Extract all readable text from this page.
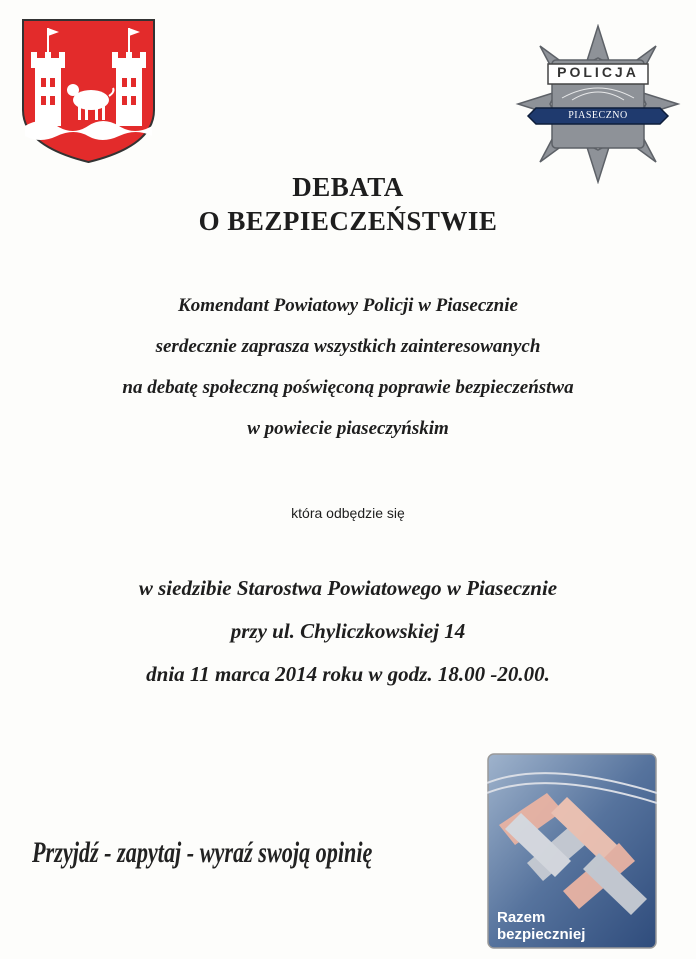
POLICJA
PIASECZNO
DEBATA
O BEZPIECZEŃSTWIE
Komendant Powiatowy Policji w Piasecznie
serdecznie zaprasza wszystkich zainteresowanych
na debatę społeczną poświęconą poprawie bezpieczeństwa
w powiecie piaseczyńskim
która odbędzie się
w siedzibie Starostwa Powiatowego w Piasecznie
przy ul. Chyliczkowskiej 14
dnia 11 marca 2014 roku w godz. 18.00 -20.00.
Przyjdź - zapytaj - wyraź swoją opinię
Razem
bezpieczniej
